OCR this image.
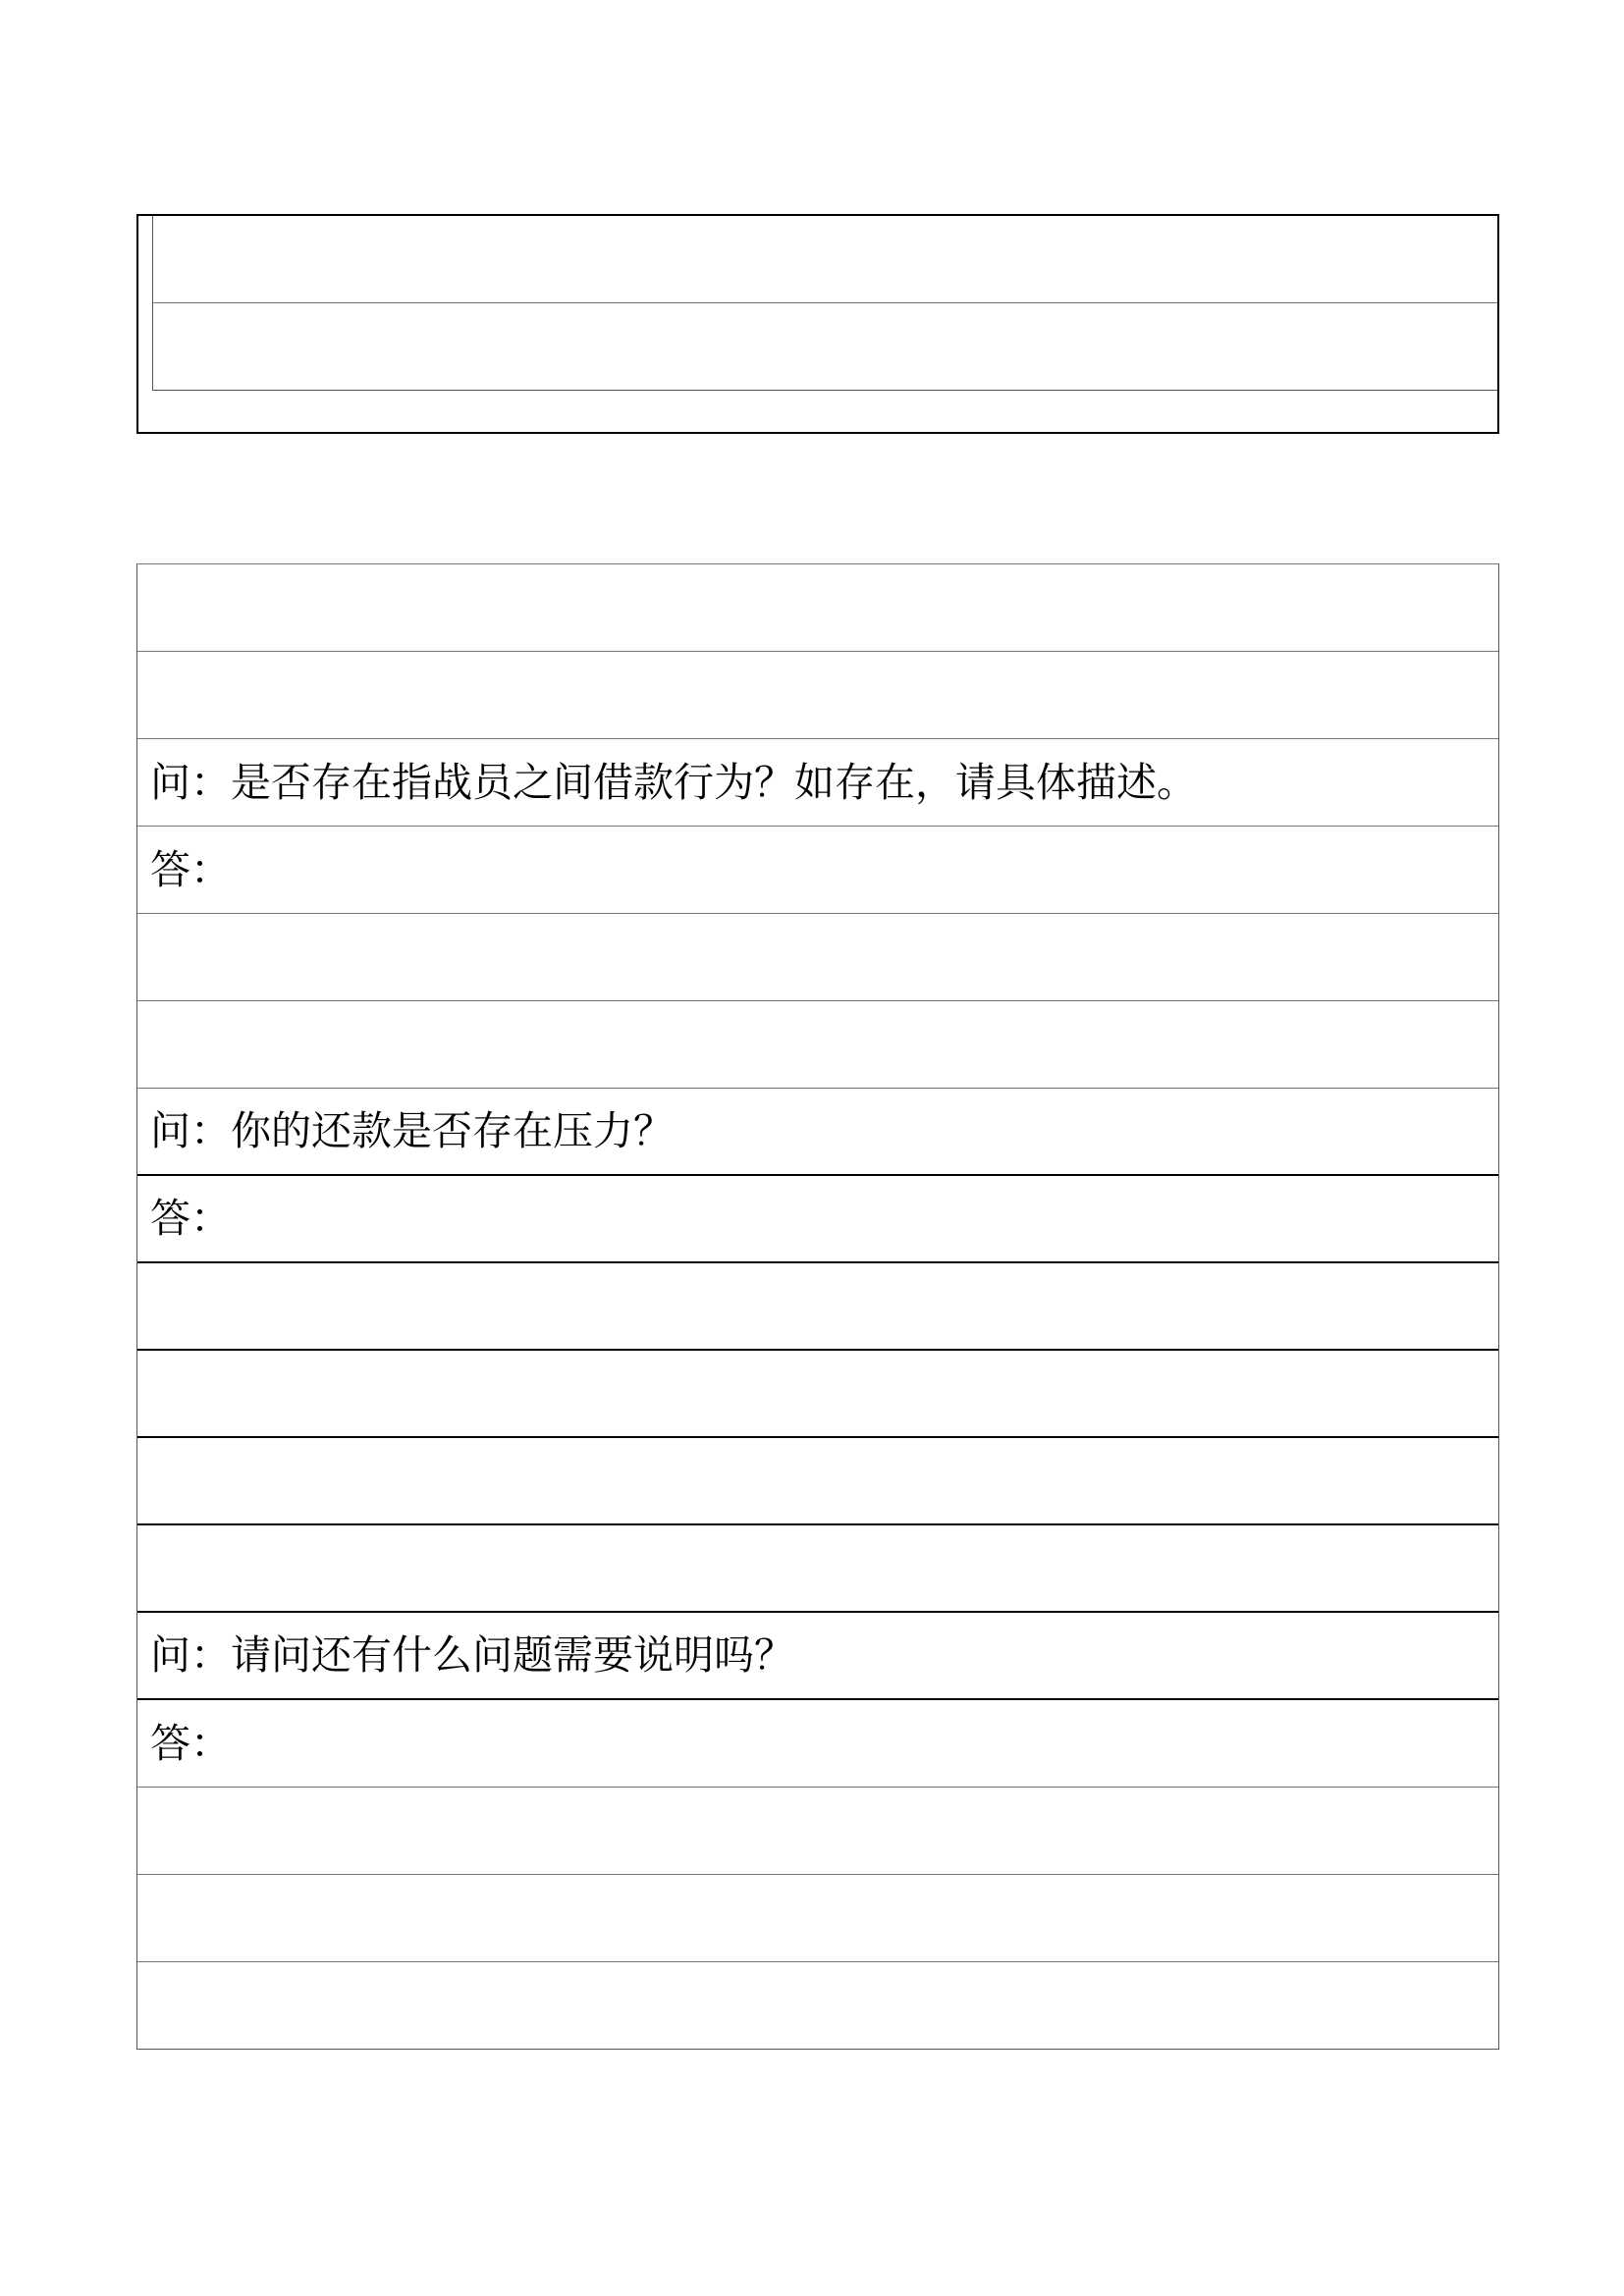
问：是否存在指战员之间借款行为？如存在，请具体描述。
答：
问：你的还款是否存在压力？
答：
问：请问还有什么问题需要说明吗？
答：
